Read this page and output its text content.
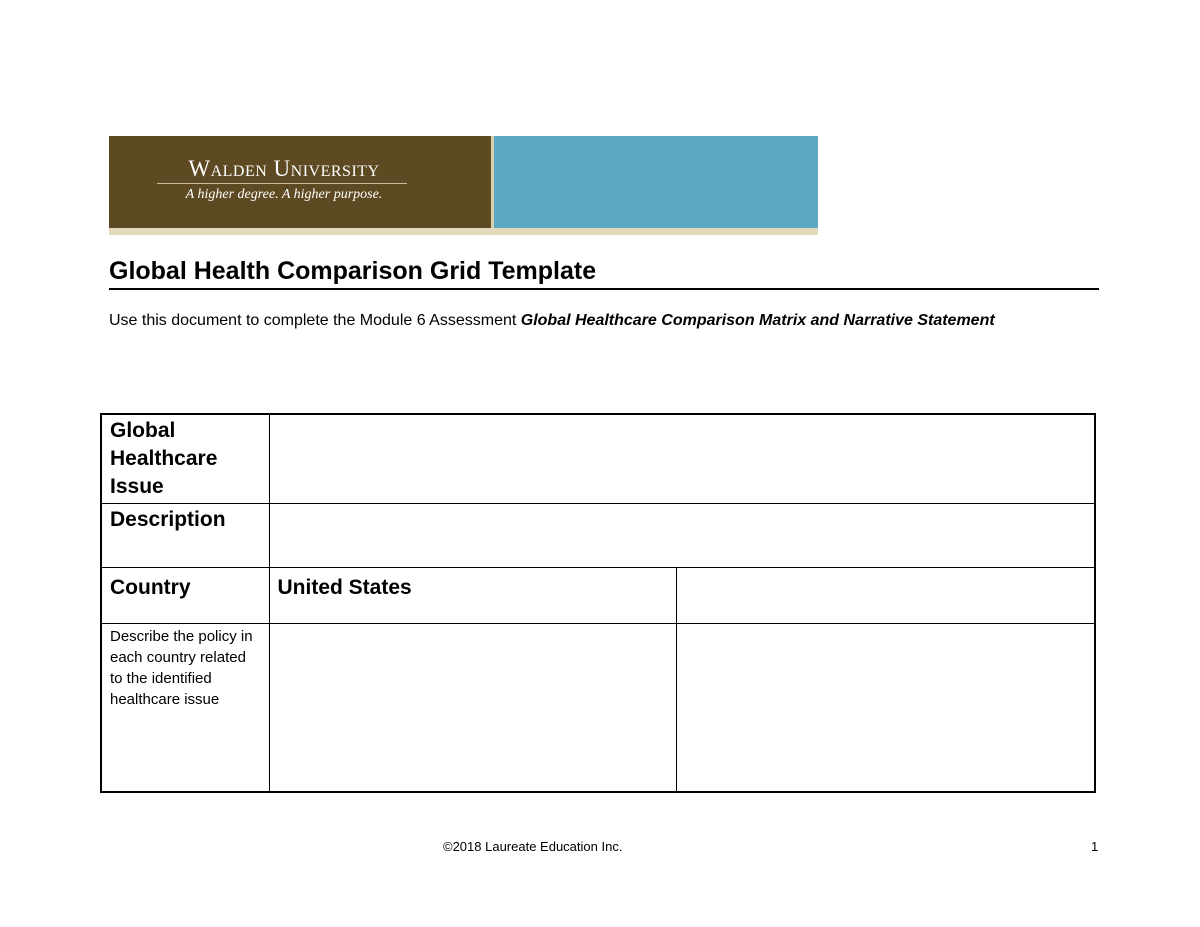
Walden University
A higher degree. A higher purpose.
Global Health Comparison Grid Template
Use this document to complete the Module 6 Assessment Global Healthcare Comparison Matrix and Narrative Statement
Global Healthcare Issue		
Description		
Country	United States	
Describe the policy in each country related to the identified healthcare issue		
©2018 Laureate Education Inc.	1
